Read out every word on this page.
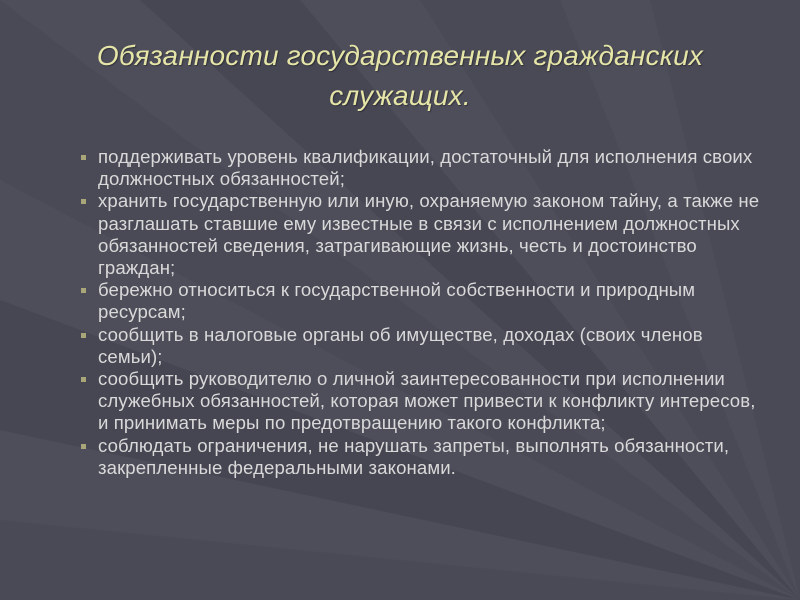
Обязанности государственных гражданских служащих.
поддерживать уровень квалификации, достаточный для исполнения своих должностных обязанностей;
хранить государственную или иную, охраняемую законом тайну, а также не разглашать ставшие ему известные в связи с исполнением должностных обязанностей сведения, затрагивающие жизнь, честь и достоинство граждан;
бережно относиться к государственной собственности и природным ресурсам;
сообщить в налоговые органы об имуществе, доходах (своих членов семьи);
сообщить руководителю о личной заинтересованности при исполнении служебных обязанностей, которая может привести к конфликту интересов, и принимать меры по предотвращению такого конфликта;
соблюдать ограничения, не нарушать запреты, выполнять обязанности, закрепленные федеральными законами.
